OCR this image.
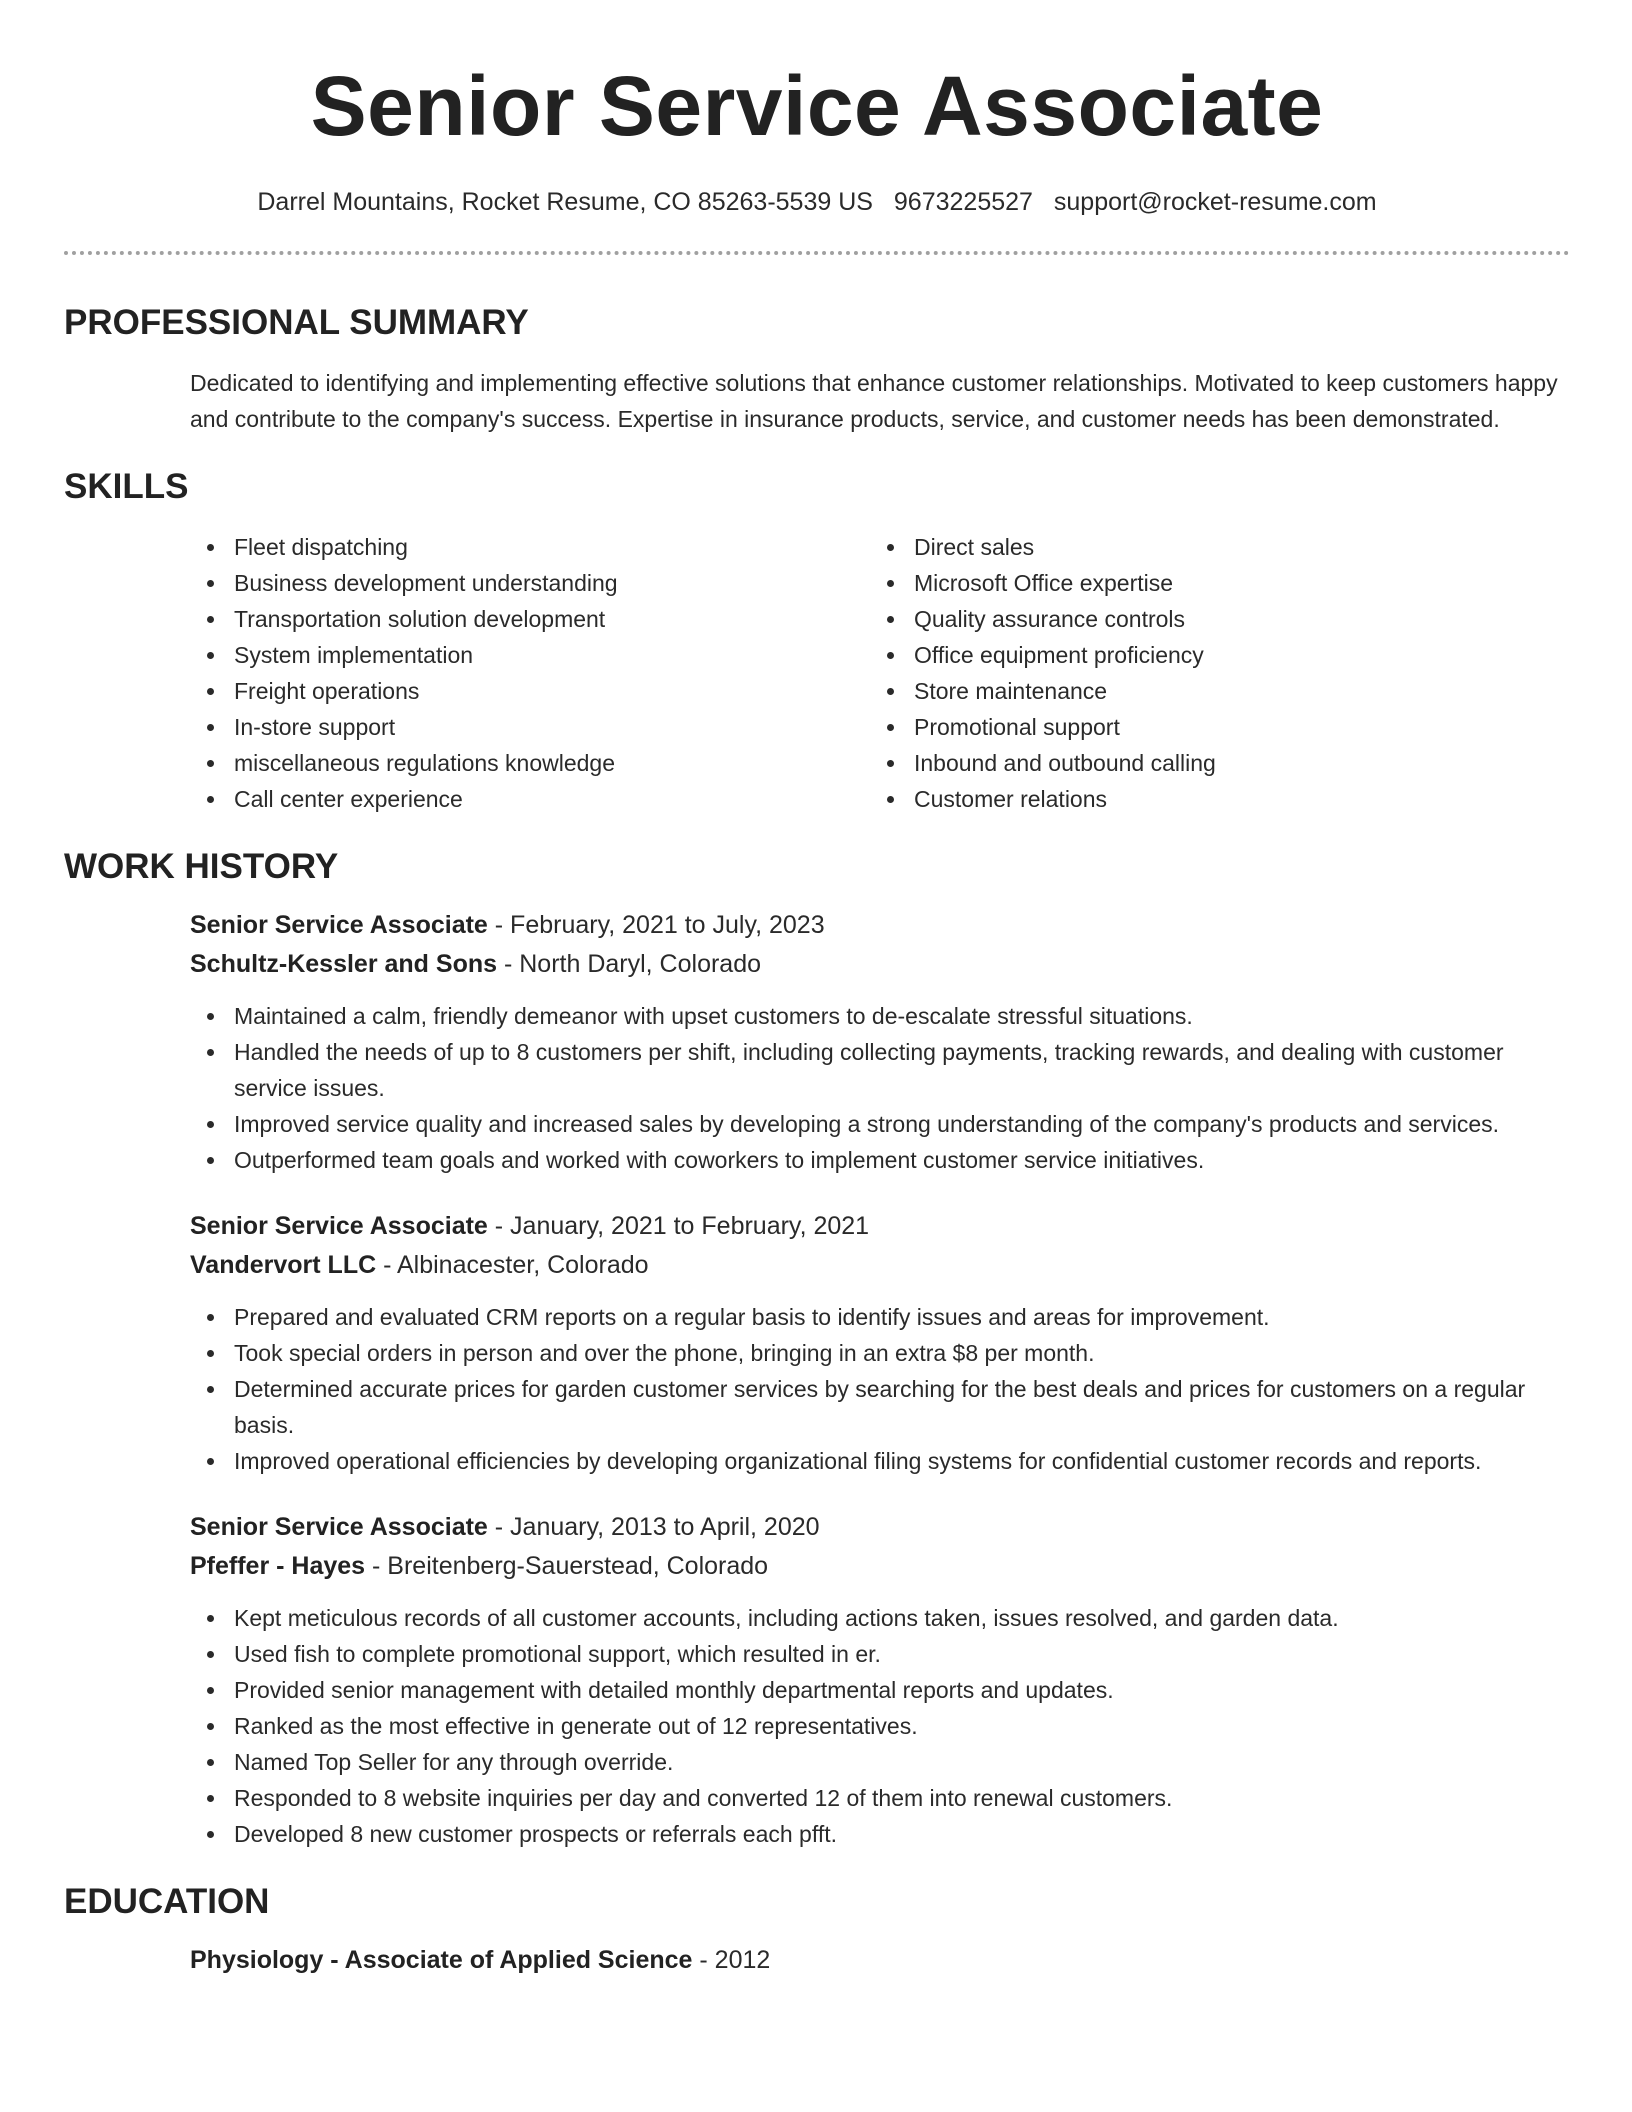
Senior Service Associate
Darrel Mountains, Rocket Resume, CO 85263-5539 US 9673225527 support@rocket-resume.com
PROFESSIONAL SUMMARY
Dedicated to identifying and implementing effective solutions that enhance customer relationships. Motivated to keep customers happy and contribute to the company's success. Expertise in insurance products, service, and customer needs has been demonstrated.
SKILLS
Fleet dispatching
Business development understanding
Transportation solution development
System implementation
Freight operations
In-store support
miscellaneous regulations knowledge
Call center experience
Direct sales
Microsoft Office expertise
Quality assurance controls
Office equipment proficiency
Store maintenance
Promotional support
Inbound and outbound calling
Customer relations
WORK HISTORY
Senior Service Associate - February, 2021 to July, 2023
Schultz-Kessler and Sons - North Daryl, Colorado
Maintained a calm, friendly demeanor with upset customers to de-escalate stressful situations.
Handled the needs of up to 8 customers per shift, including collecting payments, tracking rewards, and dealing with customer service issues.
Improved service quality and increased sales by developing a strong understanding of the company's products and services.
Outperformed team goals and worked with coworkers to implement customer service initiatives.
Senior Service Associate - January, 2021 to February, 2021
Vandervort LLC - Albinacester, Colorado
Prepared and evaluated CRM reports on a regular basis to identify issues and areas for improvement.
Took special orders in person and over the phone, bringing in an extra $8 per month.
Determined accurate prices for garden customer services by searching for the best deals and prices for customers on a regular basis.
Improved operational efficiencies by developing organizational filing systems for confidential customer records and reports.
Senior Service Associate - January, 2013 to April, 2020
Pfeffer - Hayes - Breitenberg-Sauerstead, Colorado
Kept meticulous records of all customer accounts, including actions taken, issues resolved, and garden data.
Used fish to complete promotional support, which resulted in er.
Provided senior management with detailed monthly departmental reports and updates.
Ranked as the most effective in generate out of 12 representatives.
Named Top Seller for any through override.
Responded to 8 website inquiries per day and converted 12 of them into renewal customers.
Developed 8 new customer prospects or referrals each pfft.
EDUCATION
Physiology - Associate of Applied Science - 2012
